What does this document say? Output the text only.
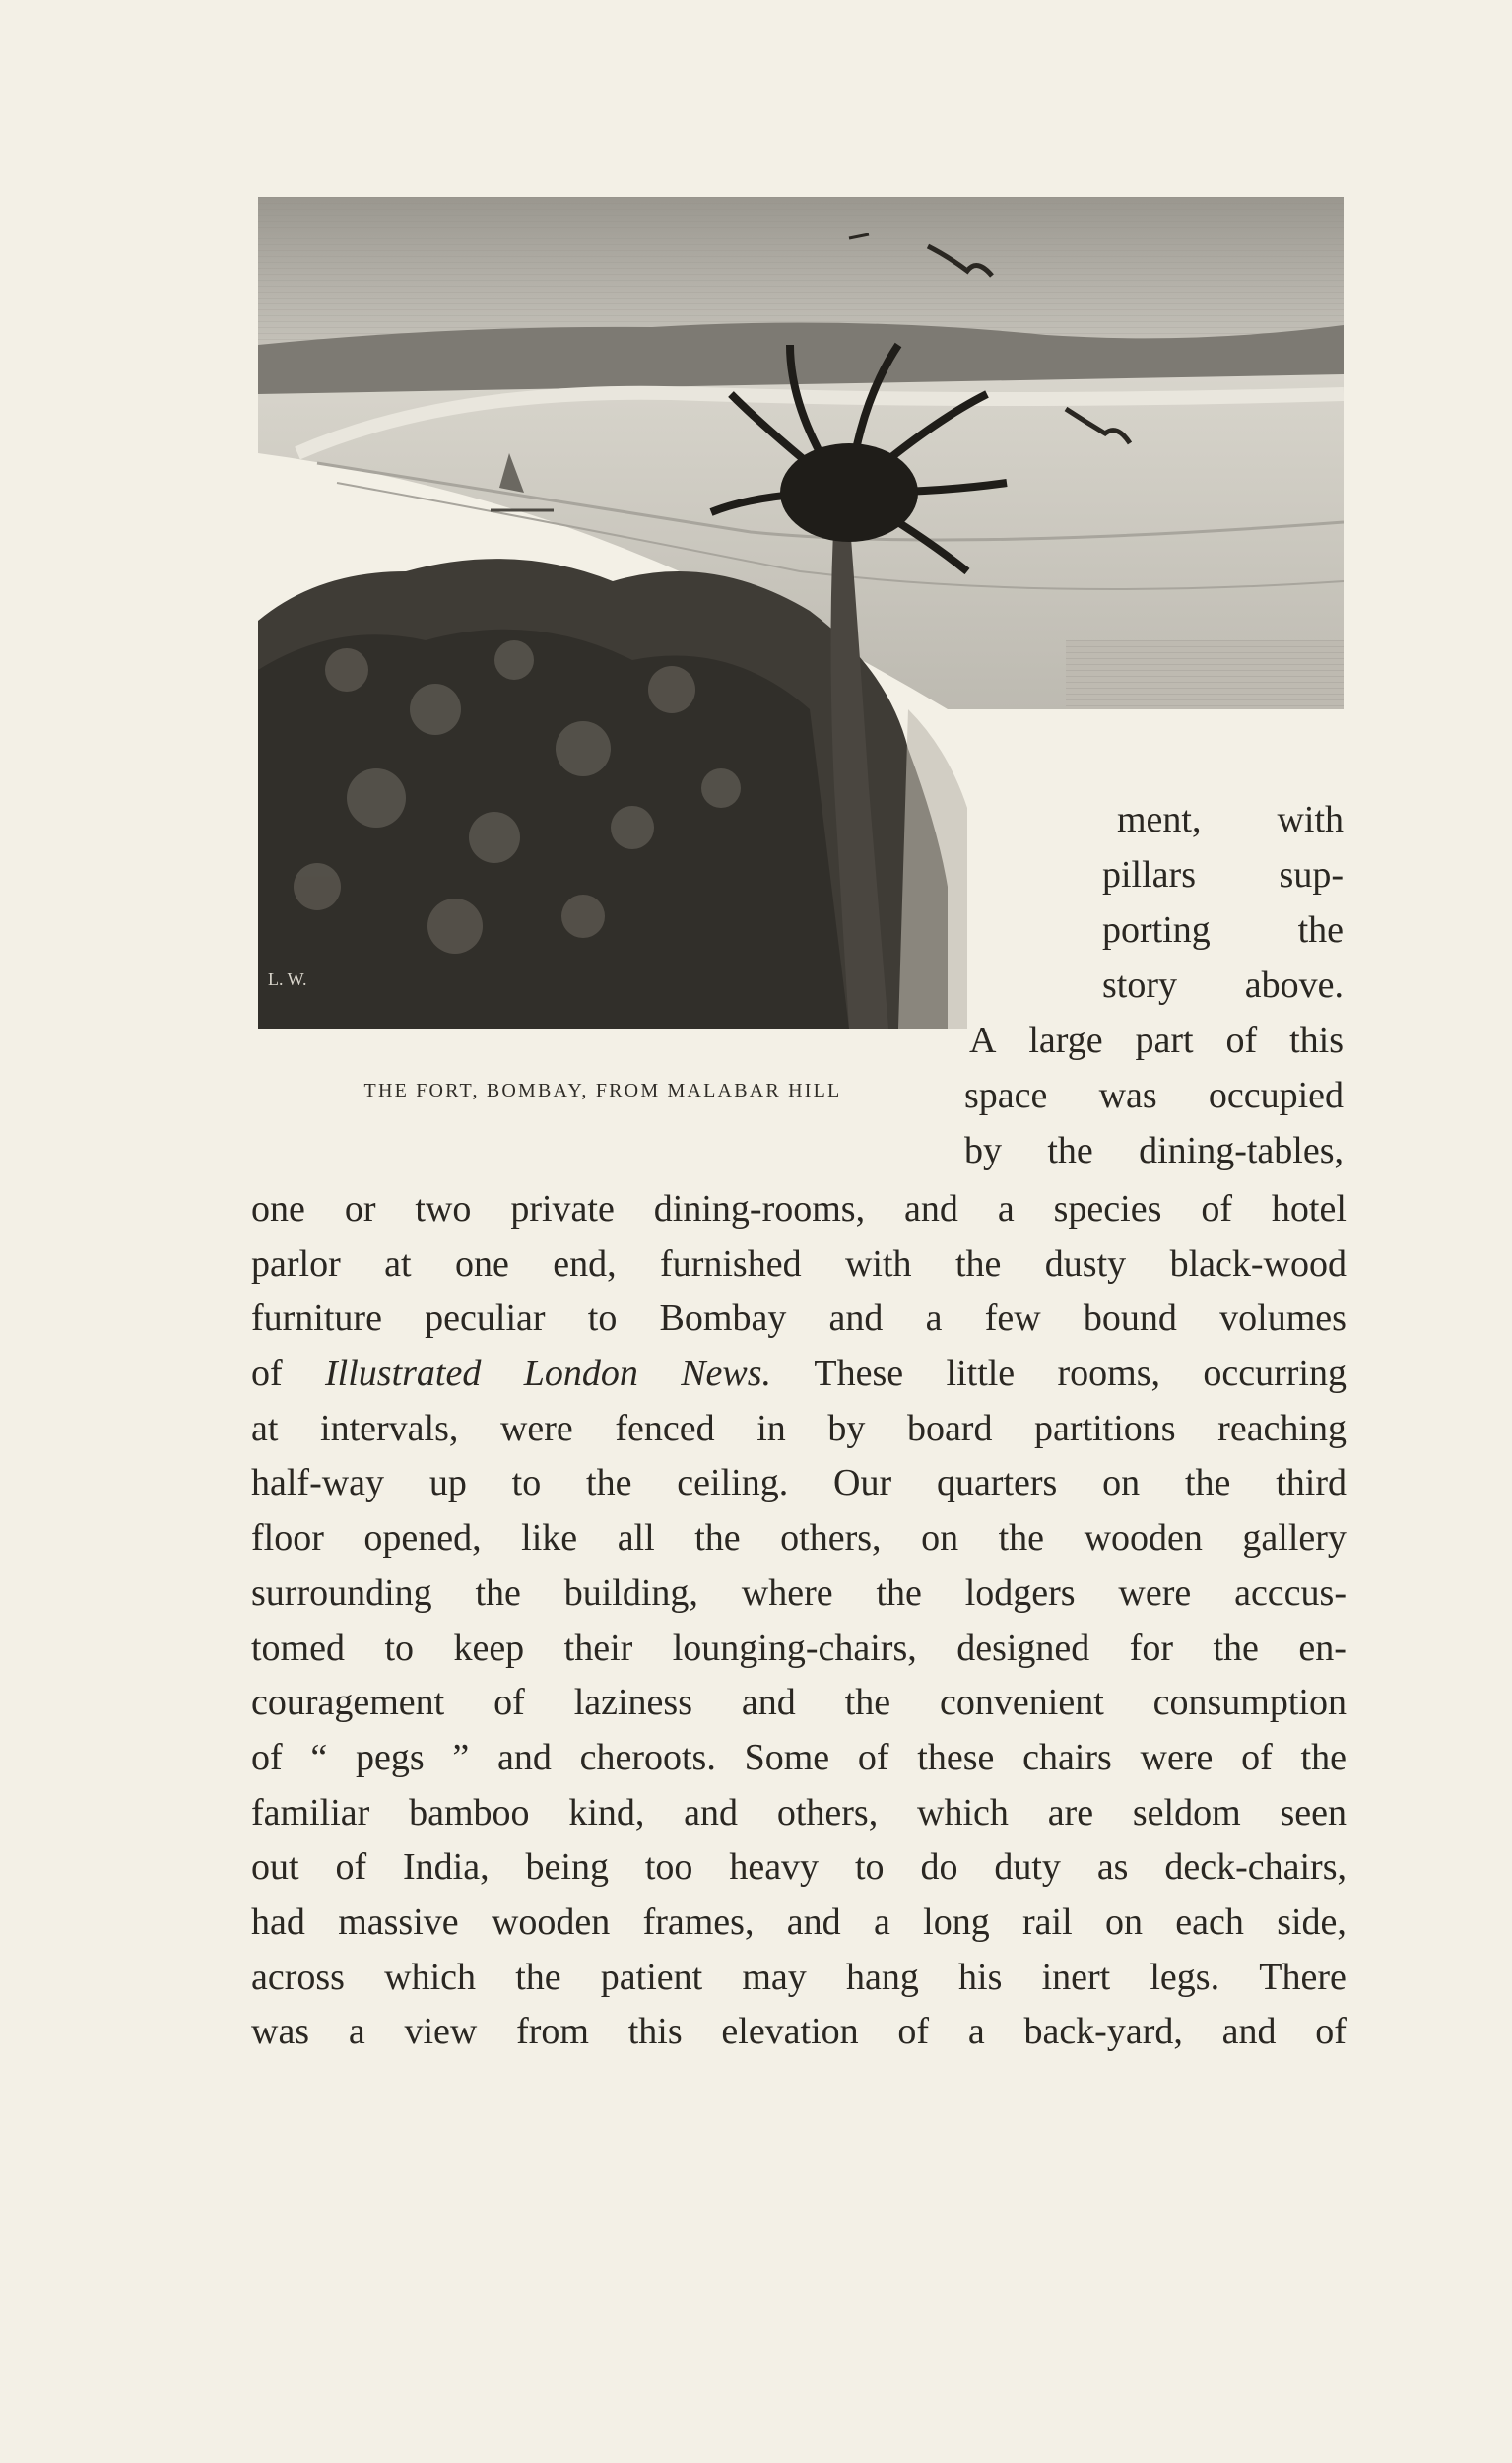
L. W.
THE FORT, BOMBAY, FROM MALABAR HILL
ment, with
pillars sup-
porting the
story above.
A large part of this
space was occupied
by the dining-tables,
one or two private dining-rooms, and a species of hotel
parlor at one end, furnished with the dusty black-wood
furniture peculiar to Bombay and a few bound volumes
of Illustrated London News. These little rooms, occurring
at intervals, were fenced in by board partitions reaching
half-way up to the ceiling. Our quarters on the third
floor opened, like all the others, on the wooden gallery
surrounding the building, where the lodgers were acccus-
tomed to keep their lounging-chairs, designed for the en-
couragement of laziness and the convenient consumption
of “ pegs ” and cheroots. Some of these chairs were of the
familiar bamboo kind, and others, which are seldom seen
out of India, being too heavy to do duty as deck-chairs,
had massive wooden frames, and a long rail on each side,
across which the patient may hang his inert legs. There
was a view from this elevation of a back-yard, and of
